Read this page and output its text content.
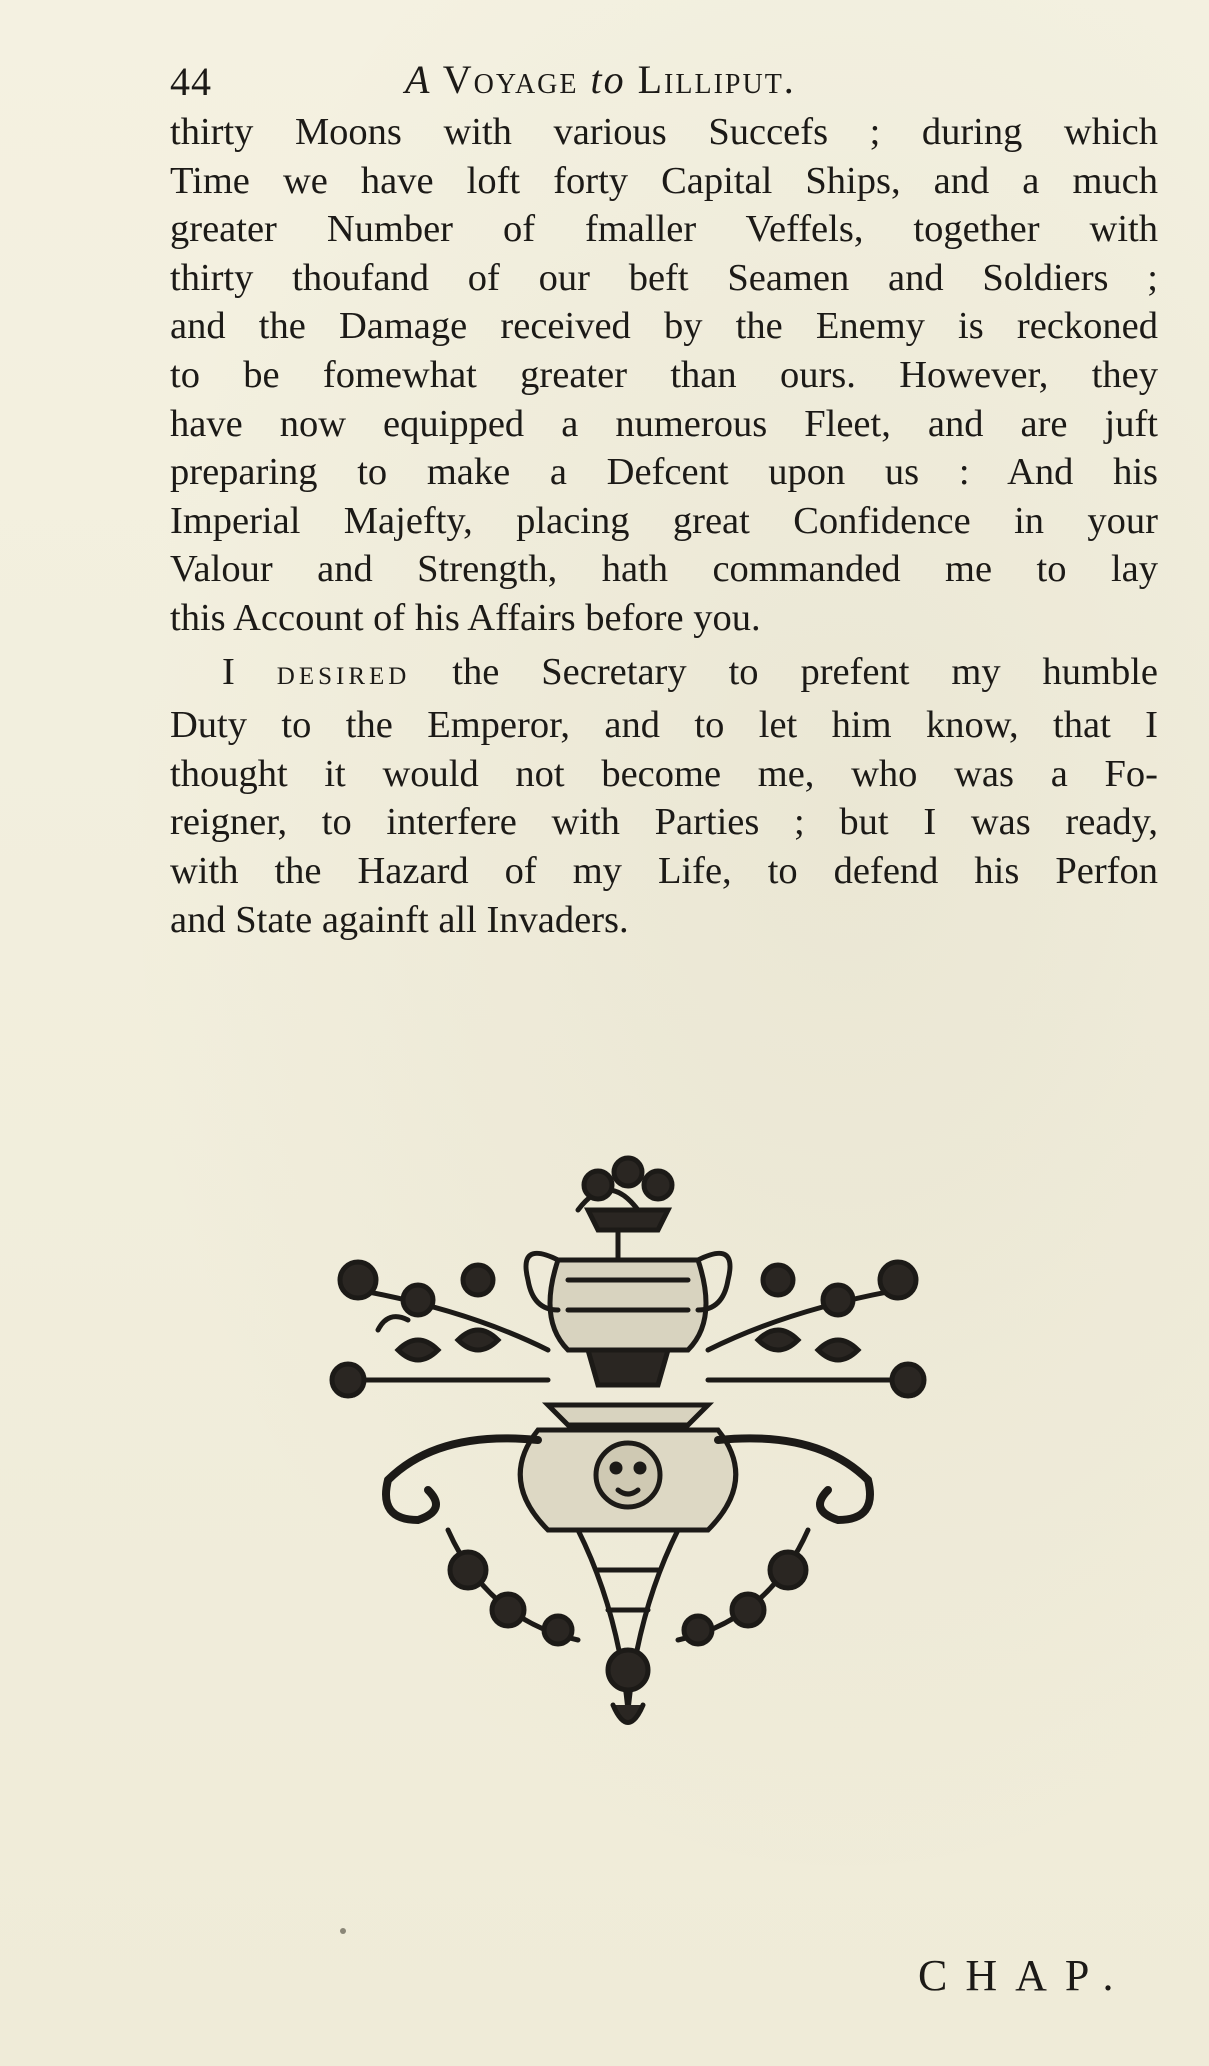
44	A Voyage to Lilliput.

thirty Moons with various Succefs ; during which
Time we have loft forty Capital Ships, and a much
greater Number of fmaller Veffels, together with
thirty thoufand of our beft Seamen and Soldiers ;
and the Damage received by the Enemy is reckoned
to be fomewhat greater than ours. However, they
have now equipped a numerous Fleet, and are juft
preparing to make a Defcent upon us : And his
Imperial Majefty, placing great Confidence in your
Valour and Strength, hath commanded me to lay
this Account of his Affairs before you.

I DESIRED the Secretary to prefent my humble
Duty to the Emperor, and to let him know, that I
thought it would not become me, who was a Fo-
reigner, to interfere with Parties ; but I was ready,
with the Hazard of my Life, to defend his Perfon
and State againft all Invaders.

CHAP.
